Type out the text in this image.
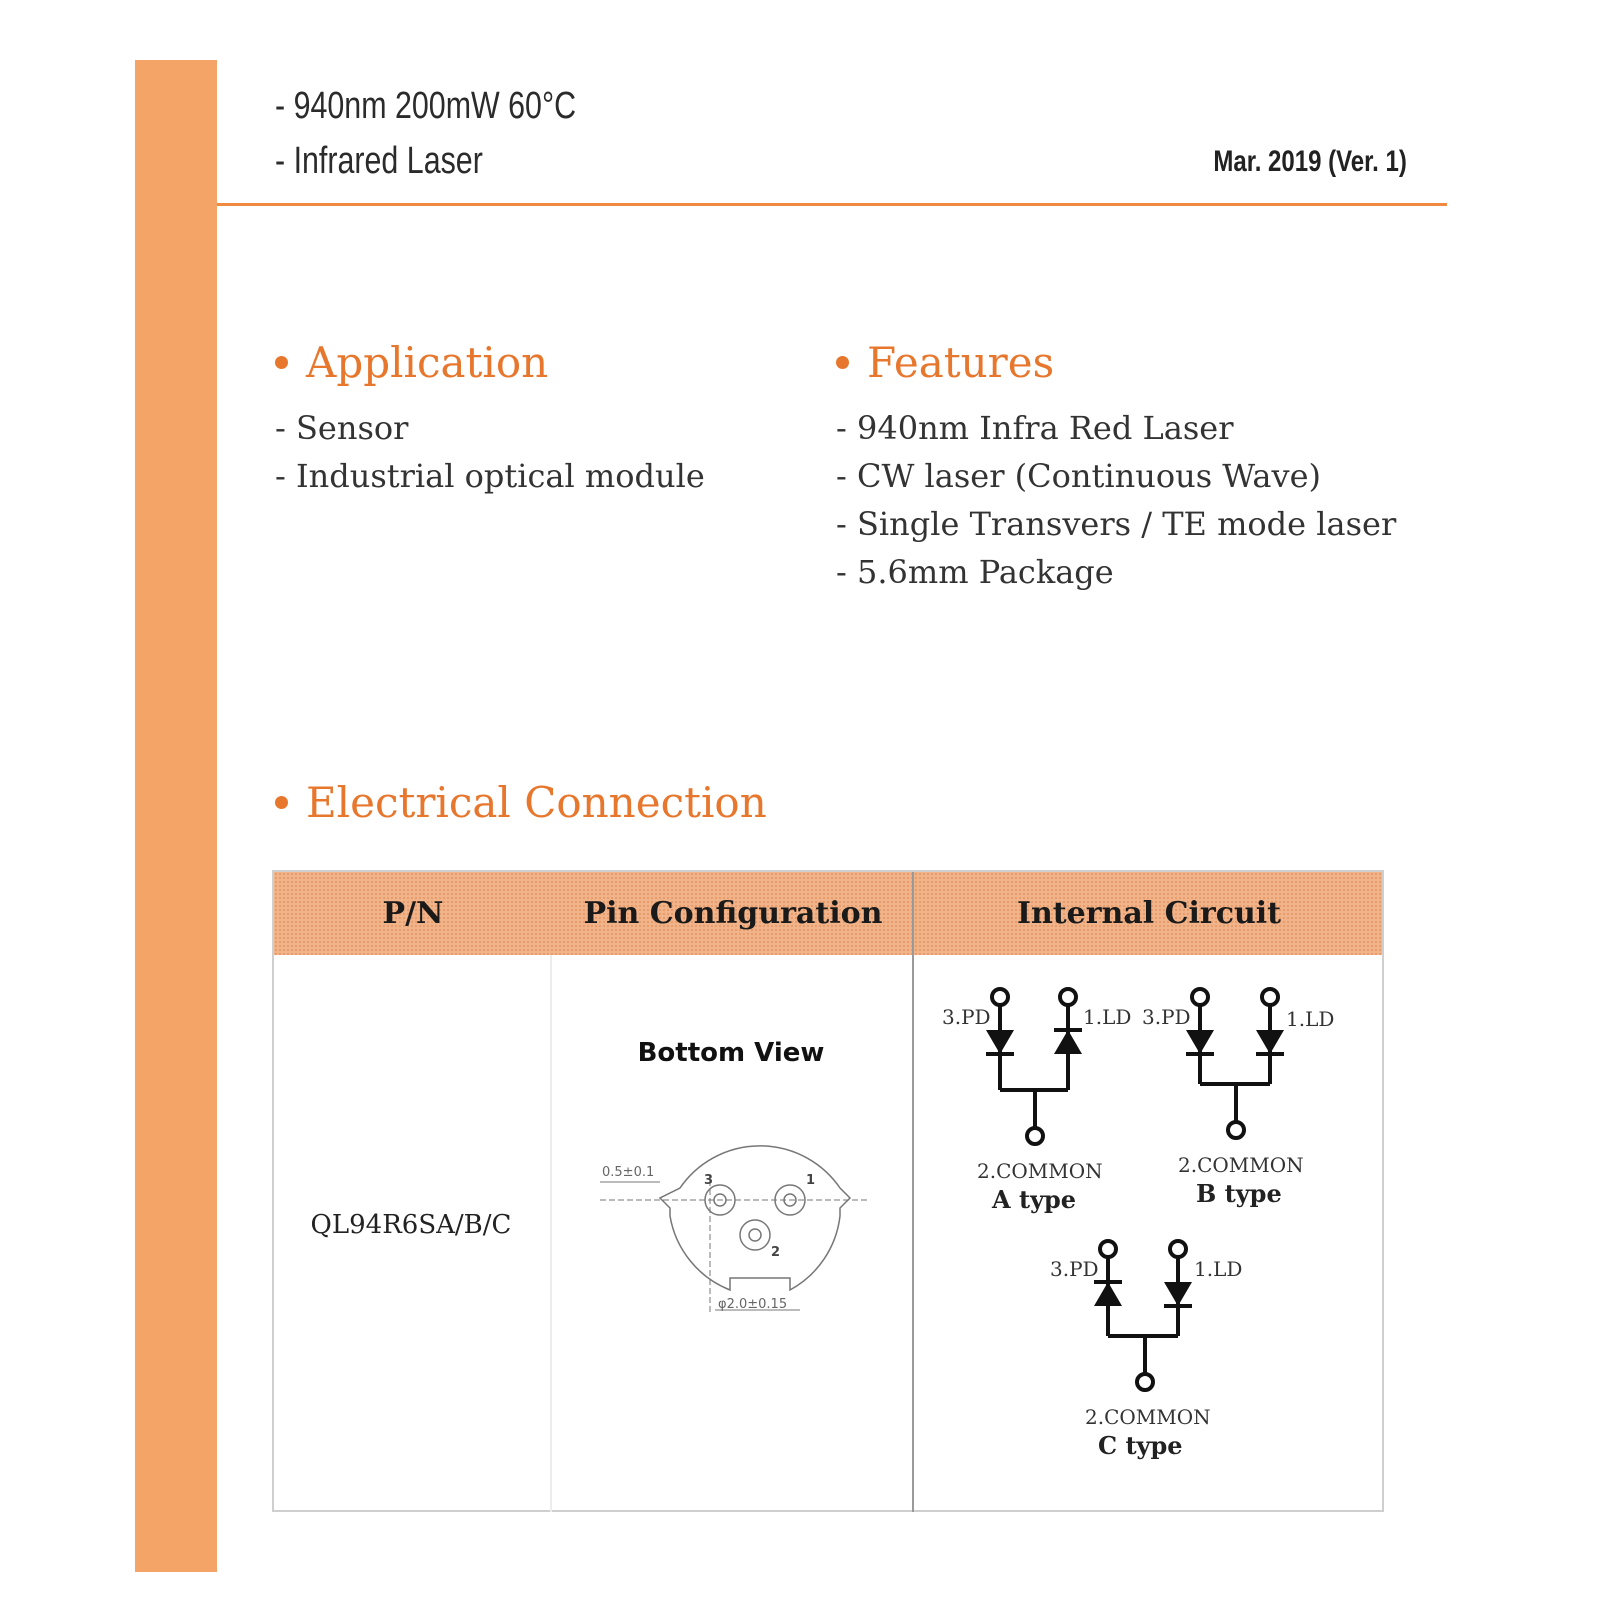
- 940nm 200mW 60°C
- Infrared Laser	Mar. 2019 (Ver. 1)
Application
- Sensor
- Industrial optical module
Features
- 940nm Infra Red Laser
- CW laser (Continuous Wave)
- Single Transvers / TE mode laser
- 5.6mm Package
Electrical Connection
P/N	Pin Configuration	Internal Circuit
QL94R6SA/B/C
Bottom View
0.5±0.1
φ2.0±0.15
3	1
2
3.PD	1.LD
2.COMMON
A type
3.PD	1.LD
2.COMMON
B type
3.PD	1.LD
2.COMMON
C type
